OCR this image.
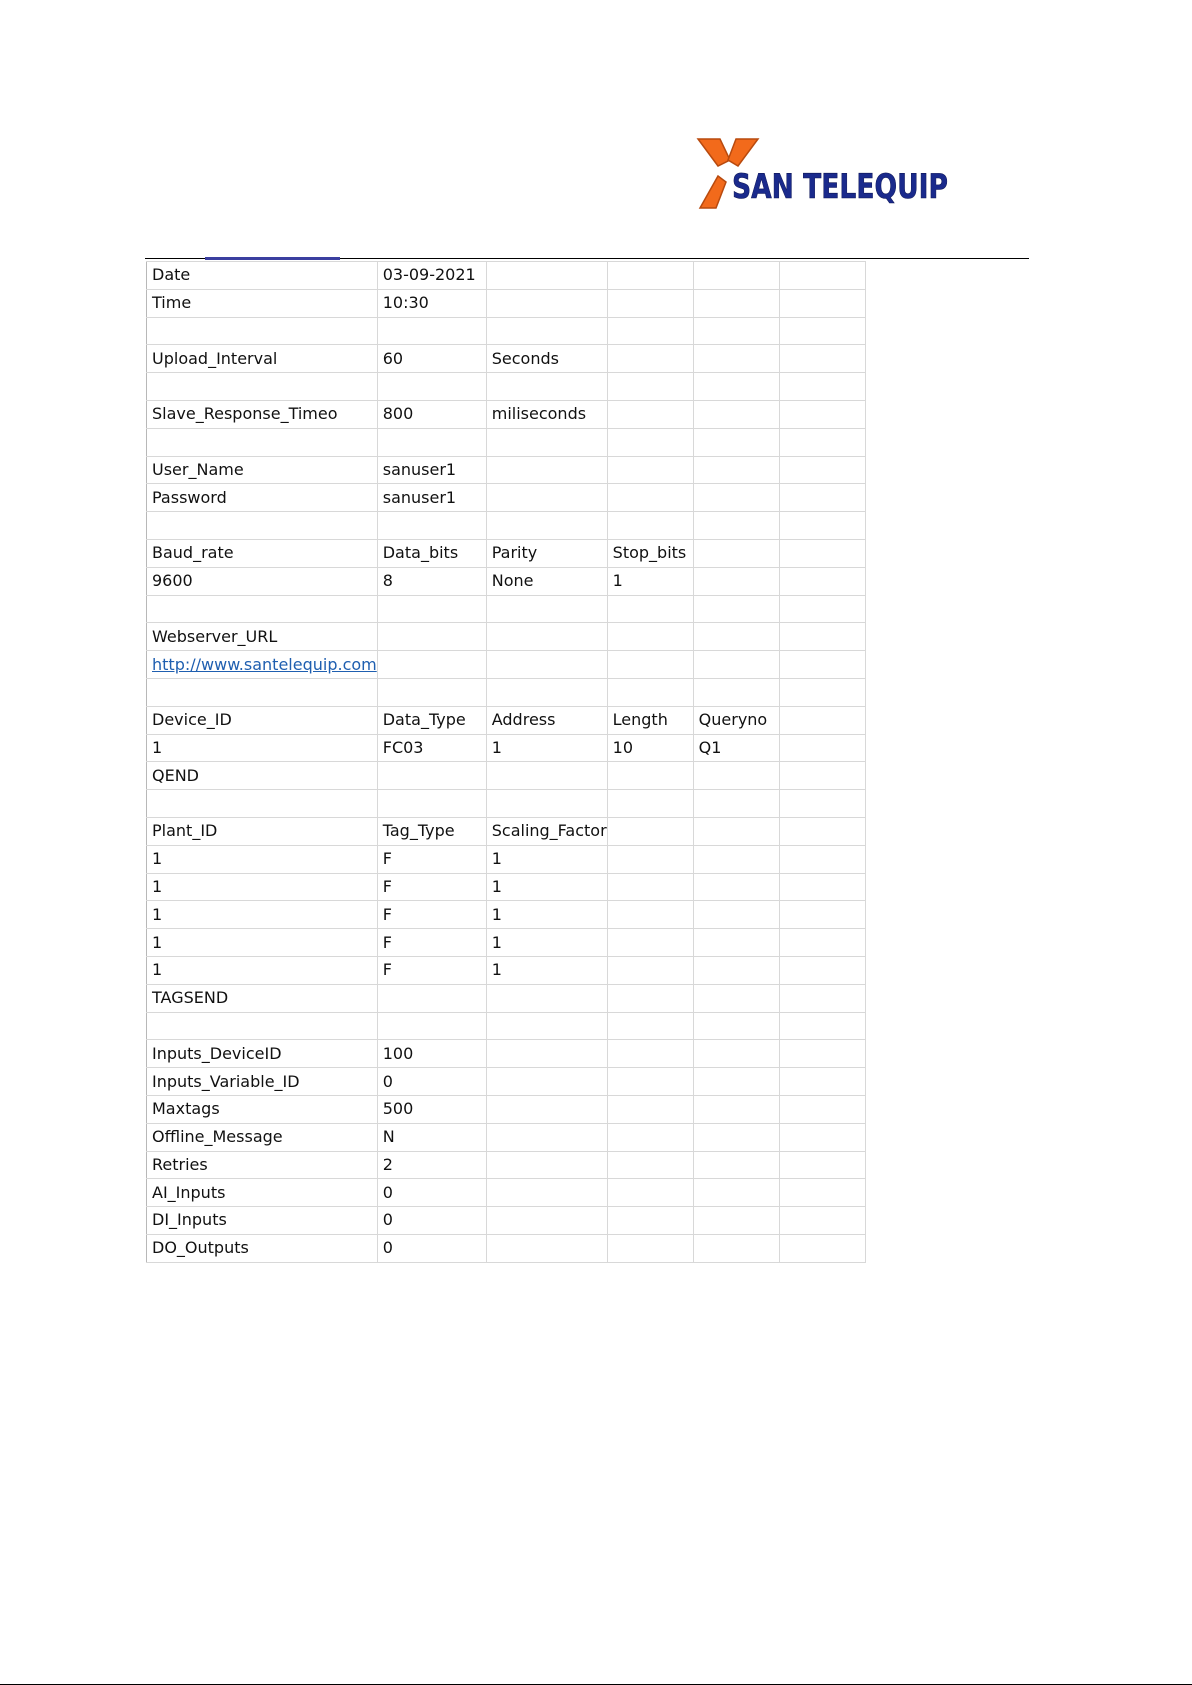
SAN TELEQUIP
Date	03-09-2021				
Time	10:30				

Upload_Interval	60	Seconds			

Slave_Response_Timeo	800	miliseconds			

User_Name	sanuser1				
Password	sanuser1				

Baud_rate	Data_bits	Parity	Stop_bits		
9600	8	None	1		

Webserver_URL					
http://www.santelequip.com					

Device_ID	Data_Type	Address	Length	Queryno	
1	FC03	1	10	Q1	
QEND					

Plant_ID	Tag_Type	Scaling_Factor			
1	F	1			
1	F	1			
1	F	1			
1	F	1			
1	F	1			
TAGSEND					

Inputs_DeviceID	100				
Inputs_Variable_ID	0				
Maxtags	500				
Offline_Message	N				
Retries	2				
AI_Inputs	0				
DI_Inputs	0				
DO_Outputs	0				
